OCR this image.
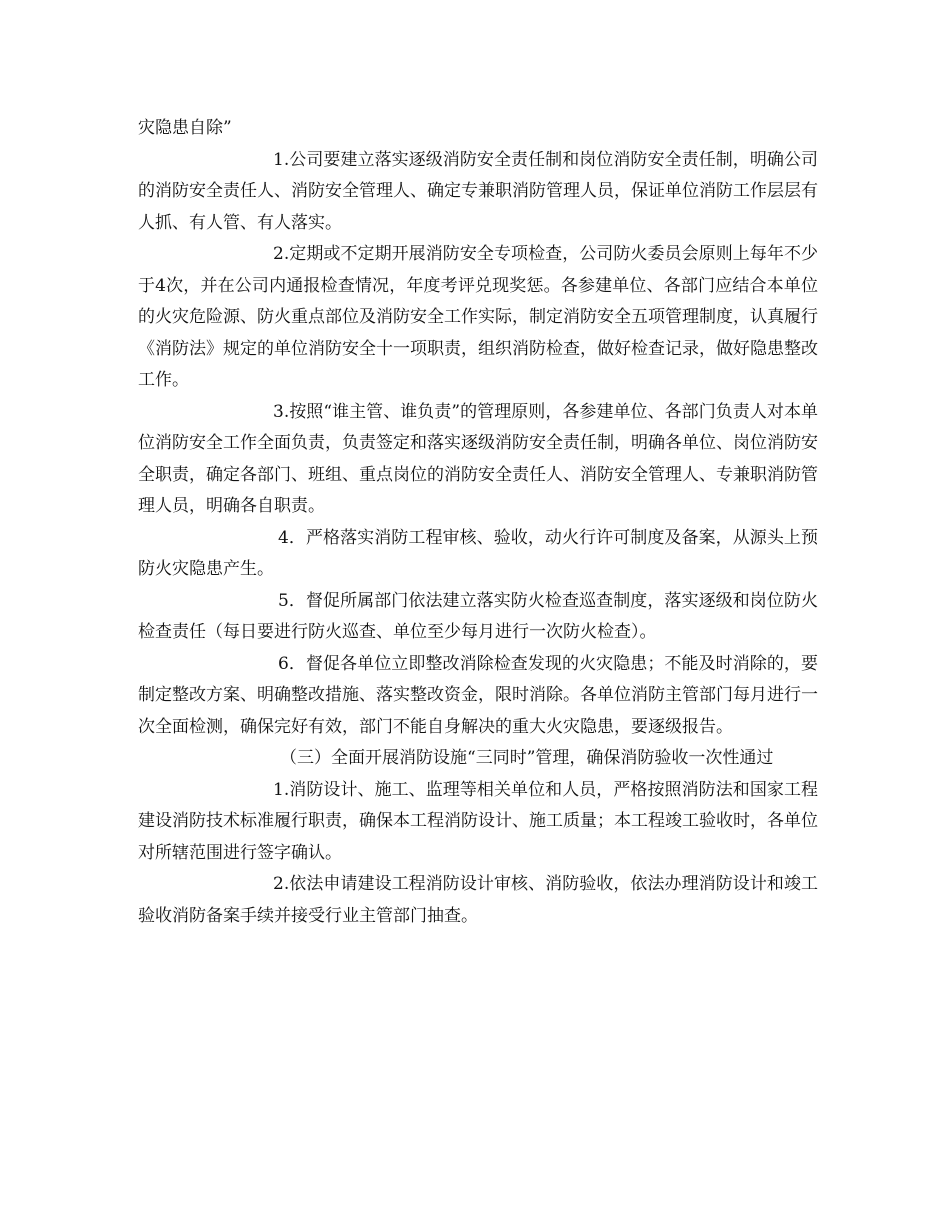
灾隐患自除”

1.公司要建立落实逐级消防安全责任制和岗位消防安全责任制，明确公司的消防安全责任人、消防安全管理人、确定专兼职消防管理人员，保证单位消防工作层层有人抓、有人管、有人落实。

2.定期或不定期开展消防安全专项检查，公司防火委员会原则上每年不少于4次，并在公司内通报检查情况，年度考评兑现奖惩。各参建单位、各部门应结合本单位的火灾危险源、防火重点部位及消防安全工作实际，制定消防安全五项管理制度，认真履行《消防法》规定的单位消防安全十一项职责，组织消防检查，做好检查记录，做好隐患整改工作。

3.按照“谁主管、谁负责”的管理原则，各参建单位、各部门负责人对本单位消防安全工作全面负责，负责签定和落实逐级消防安全责任制，明确各单位、岗位消防安全职责，确定各部门、班组、重点岗位的消防安全责任人、消防安全管理人、专兼职消防管理人员，明确各自职责。

4．严格落实消防工程审核、验收，动火行许可制度及备案，从源头上预防火灾隐患产生。

5．督促所属部门依法建立落实防火检查巡查制度，落实逐级和岗位防火检查责任（每日要进行防火巡查、单位至少每月进行一次防火检查）。

6．督促各单位立即整改消除检查发现的火灾隐患；不能及时消除的，要制定整改方案、明确整改措施、落实整改资金，限时消除。各单位消防主管部门每月进行一次全面检测，确保完好有效，部门不能自身解决的重大火灾隐患，要逐级报告。

（三）全面开展消防设施“三同时”管理，确保消防验收一次性通过

1.消防设计、施工、监理等相关单位和人员，严格按照消防法和国家工程建设消防技术标准履行职责，确保本工程消防设计、施工质量；本工程竣工验收时，各单位对所辖范围进行签字确认。

2.依法申请建设工程消防设计审核、消防验收，依法办理消防设计和竣工验收消防备案手续并接受行业主管部门抽查。
